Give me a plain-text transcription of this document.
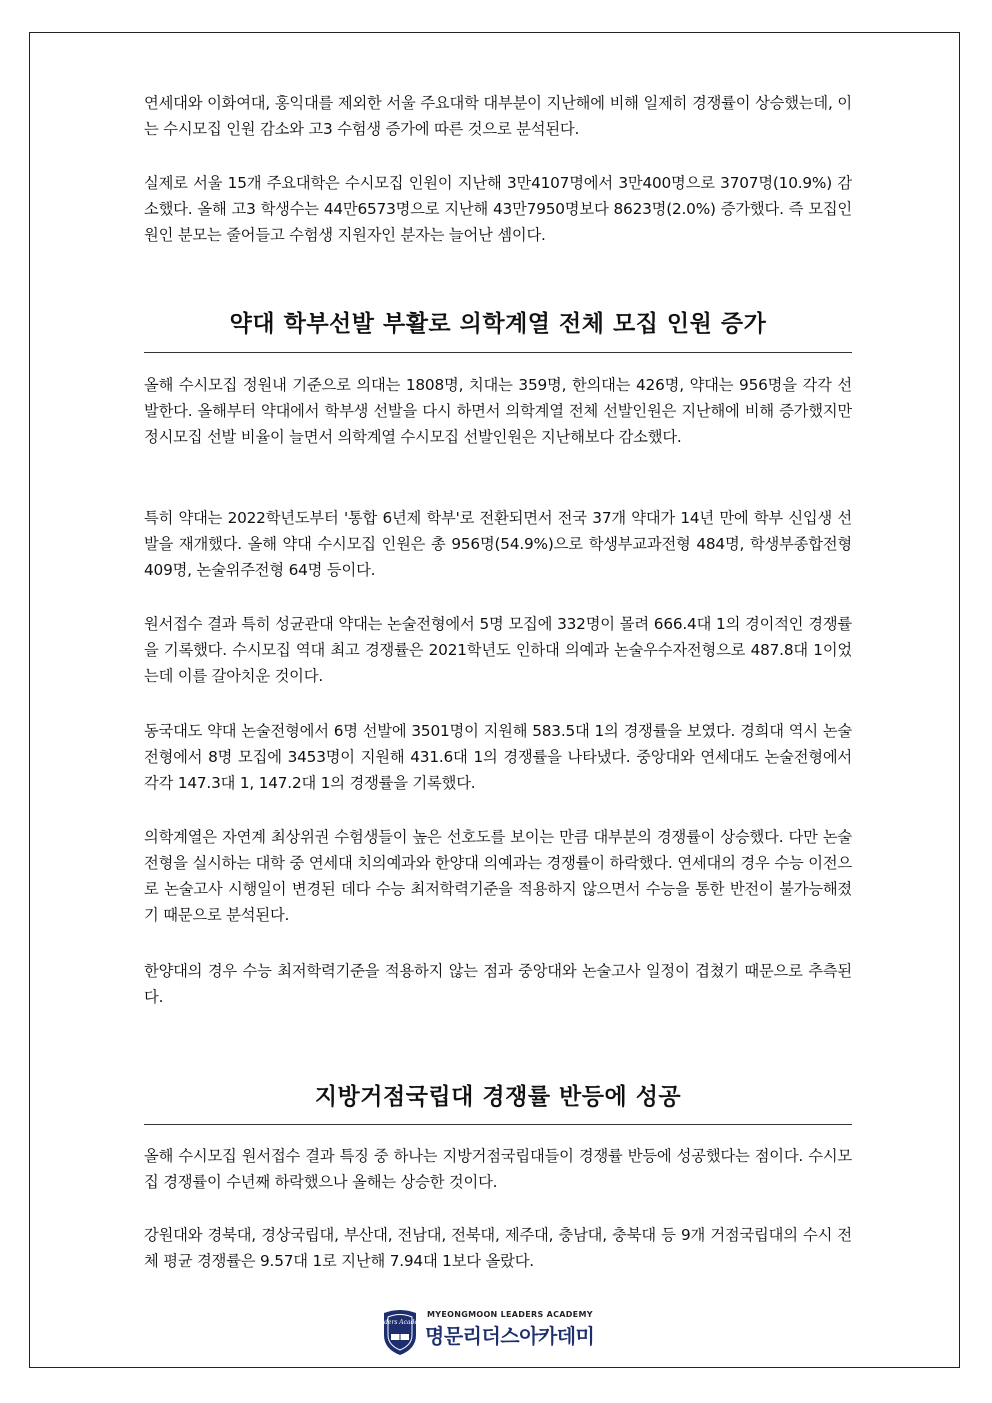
연세대와 이화여대, 홍익대를 제외한 서울 주요대학 대부분이 지난해에 비해 일제히 경쟁률이 상승했는데, 이는 수시모집 인원 감소와 고3 수험생 증가에 따른 것으로 분석된다.

실제로 서울 15개 주요대학은 수시모집 인원이 지난해 3만4107명에서 3만400명으로 3707명(10.9%) 감소했다. 올해 고3 학생수는 44만6573명으로 지난해 43만7950명보다 8623명(2.0%) 증가했다. 즉 모집인원인 분모는 줄어들고 수험생 지원자인 분자는 늘어난 셈이다.

약대 학부선발 부활로 의학계열 전체 모집 인원 증가

올해 수시모집 정원내 기준으로 의대는 1808명, 치대는 359명, 한의대는 426명, 약대는 956명을 각각 선발한다. 올해부터 약대에서 학부생 선발을 다시 하면서 의학계열 전체 선발인원은 지난해에 비해 증가했지만 정시모집 선발 비율이 늘면서 의학계열 수시모집 선발인원은 지난해보다 감소했다.

특히 약대는 2022학년도부터 '통합 6년제 학부'로 전환되면서 전국 37개 약대가 14년 만에 학부 신입생 선발을 재개했다. 올해 약대 수시모집 인원은 총 956명(54.9%)으로 학생부교과전형 484명, 학생부종합전형 409명, 논술위주전형 64명 등이다.

원서접수 결과 특히 성균관대 약대는 논술전형에서 5명 모집에 332명이 몰려 666.4대 1의 경이적인 경쟁률을 기록했다. 수시모집 역대 최고 경쟁률은 2021학년도 인하대 의예과 논술우수자전형으로 487.8대 1이었는데 이를 갈아치운 것이다.

동국대도 약대 논술전형에서 6명 선발에 3501명이 지원해 583.5대 1의 경쟁률을 보였다. 경희대 역시 논술전형에서 8명 모집에 3453명이 지원해 431.6대 1의 경쟁률을 나타냈다. 중앙대와 연세대도 논술전형에서 각각 147.3대 1, 147.2대 1의 경쟁률을 기록했다.

의학계열은 자연계 최상위권 수험생들이 높은 선호도를 보이는 만큼 대부분의 경쟁률이 상승했다. 다만 논술전형을 실시하는 대학 중 연세대 치의예과와 한양대 의예과는 경쟁률이 하락했다. 연세대의 경우 수능 이전으로 논술고사 시행일이 변경된 데다 수능 최저학력기준을 적용하지 않으면서 수능을 통한 반전이 불가능해졌기 때문으로 분석된다.

한양대의 경우 수능 최저학력기준을 적용하지 않는 점과 중앙대와 논술고사 일정이 겹쳤기 때문으로 추측된다.

지방거점국립대 경쟁률 반등에 성공

올해 수시모집 원서접수 결과 특징 중 하나는 지방거점국립대들이 경쟁률 반등에 성공했다는 점이다. 수시모집 경쟁률이 수년째 하락했으나 올해는 상승한 것이다.

강원대와 경북대, 경상국립대, 부산대, 전남대, 전북대, 제주대, 충남대, 충북대 등 9개 거점국립대의 수시 전체 평균 경쟁률은 9.57대 1로 지난해 7.94대 1보다 올랐다.

Leaders Academy
MYEONGMOON LEADERS ACADEMY
명문리더스아카데미
